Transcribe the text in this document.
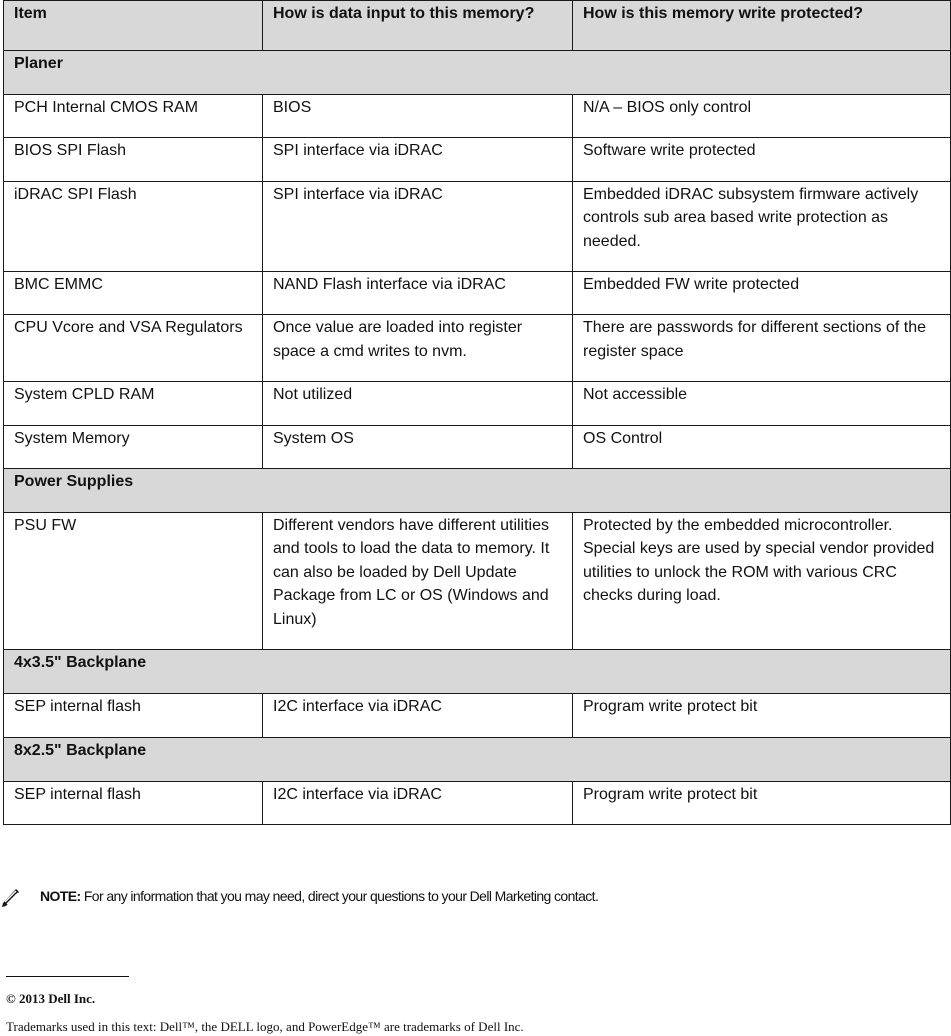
Item	How is data input to this memory?	How is this memory write protected?
Planer		
PCH Internal CMOS RAM	BIOS	N/A – BIOS only control
BIOS SPI Flash	SPI interface via iDRAC	Software write protected
iDRAC SPI Flash	SPI interface via iDRAC	Embedded iDRAC subsystem firmware actively controls sub area based write protection as needed.
BMC EMMC	NAND Flash interface via iDRAC	Embedded FW write protected
CPU Vcore and VSA Regulators	Once value are loaded into register space a cmd writes to nvm.	There are passwords for different sections of the register space
System CPLD RAM	Not utilized	Not accessible
System Memory	System OS	OS Control
Power Supplies		
PSU FW	Different vendors have different utilities and tools to load the data to memory. It can also be loaded by Dell Update Package from LC or OS (Windows and Linux)	Protected by the embedded microcontroller. Special keys are used by special vendor provided utilities to unlock the ROM with various CRC checks during load.
4x3.5" Backplane		
SEP internal flash	I2C interface via iDRAC	Program write protect bit
8x2.5" Backplane		
SEP internal flash	I2C interface via iDRAC	Program write protect bit
NOTE: For any information that you may need, direct your questions to your Dell Marketing contact.
© 2013 Dell Inc.
Trademarks used in this text: Dell™, the DELL logo, and PowerEdge™ are trademarks of Dell Inc.
